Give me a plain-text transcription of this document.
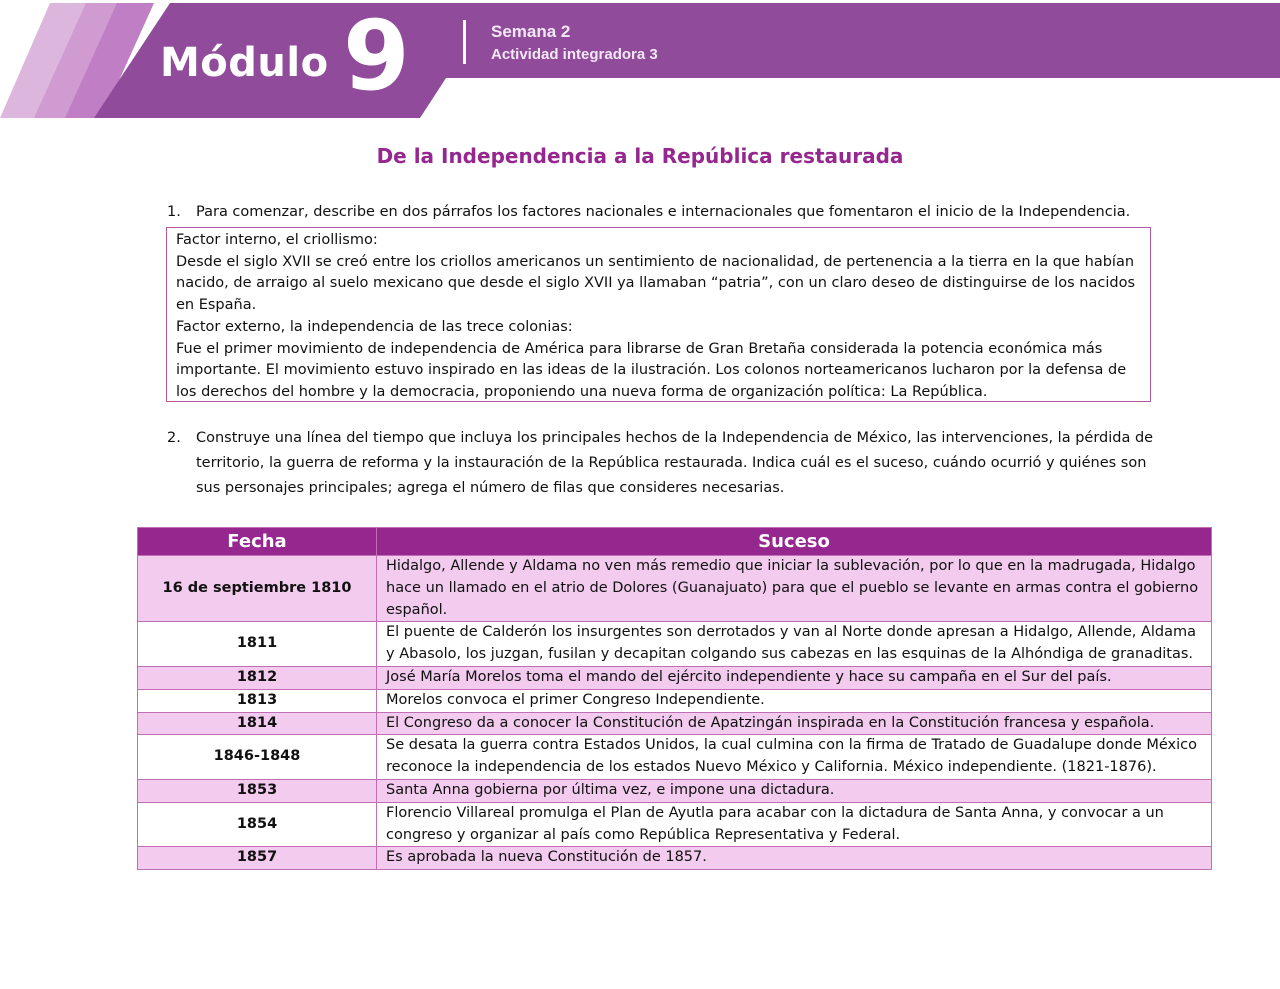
Módulo 9	Semana 2
Actividad integradora 3
De la Independencia a la República restaurada
1. Para comenzar, describe en dos párrafos los factores nacionales e internacionales que fomentaron el inicio de la Independencia.

Factor interno, el criollismo:

Desde el siglo XVII se creó entre los criollos americanos un sentimiento de nacionalidad, de pertenencia a la tierra en la que habían nacido, de arraigo al suelo mexicano que desde el siglo XVII ya llamaban “patria”, con un claro deseo de distinguirse de los nacidos en España.

Factor externo, la independencia de las trece colonias:

Fue el primer movimiento de independencia de América para librarse de Gran Bretaña considerada la potencia económica más importante. El movimiento estuvo inspirado en las ideas de la ilustración. Los colonos norteamericanos lucharon por la defensa de los derechos del hombre y la democracia, proponiendo una nueva forma de organización política: La República.

2. Construye una línea del tiempo que incluya los principales hechos de la Independencia de México, las intervenciones, la pérdida de
territorio, la guerra de reforma y la instauración de la República restaurada. Indica cuál es el suceso, cuándo ocurrió y quiénes son
sus personajes principales; agrega el número de filas que consideres necesarias.
Fecha	Suceso
16 de septiembre 1810	Hidalgo, Allende y Aldama no ven más remedio que iniciar la sublevación, por lo que en la madrugada, Hidalgo hace un llamado en el atrio de Dolores (Guanajuato) para que el pueblo se levante en armas contra el gobierno español.
1811	El puente de Calderón los insurgentes son derrotados y van al Norte donde apresan a Hidalgo, Allende, Aldama y Abasolo, los juzgan, fusilan y decapitan colgando sus cabezas en las esquinas de la Alhóndiga de granaditas.
1812	José María Morelos toma el mando del ejército independiente y hace su campaña en el Sur del país.
1813	Morelos convoca el primer Congreso Independiente.
1814	El Congreso da a conocer la Constitución de Apatzingán inspirada en la Constitución francesa y española.
1846-1848	Se desata la guerra contra Estados Unidos, la cual culmina con la firma de Tratado de Guadalupe donde México reconoce la independencia de los estados Nuevo México y California. México independiente. (1821-1876).
1853	Santa Anna gobierna por última vez, e impone una dictadura.
1854	Florencio Villareal promulga el Plan de Ayutla para acabar con la dictadura de Santa Anna, y convocar a un congreso y organizar al país como República Representativa y Federal.
1857	Es aprobada la nueva Constitución de 1857.
